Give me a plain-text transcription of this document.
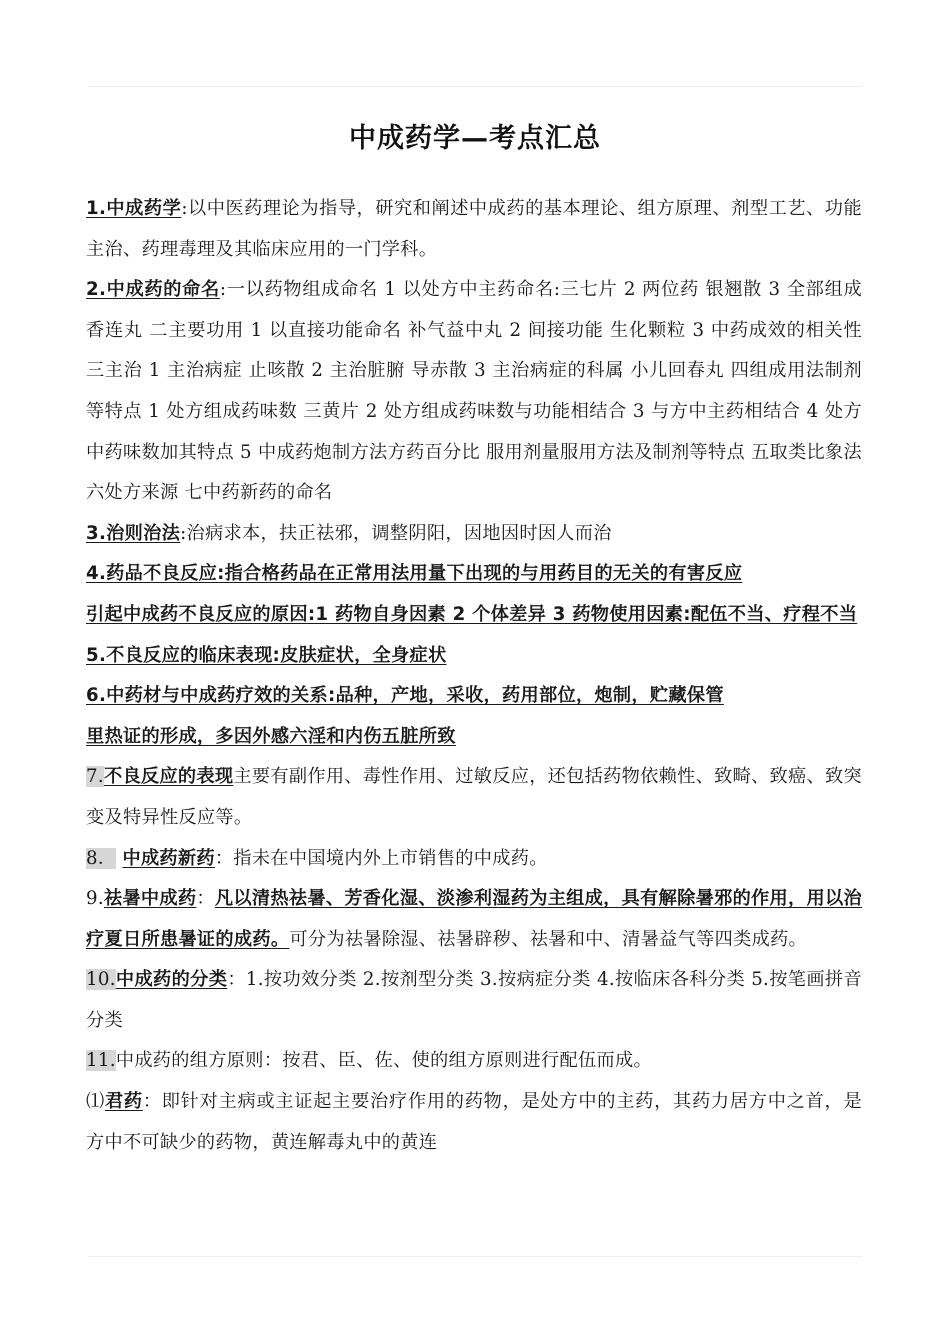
中成药学—考点汇总

1.中成药学:以中医药理论为指导，研究和阐述中成药的基本理论、组方原理、剂型工艺、功能主治、药理毒理及其临床应用的一门学科。

2.中成药的命名:一以药物组成命名 1 以处方中主药命名:三七片 2 两位药 银翘散 3 全部组成 香连丸 二主要功用 1 以直接功能命名 补气益中丸 2 间接功能 生化颗粒 3 中药成效的相关性 三主治 1 主治病症 止咳散 2 主治脏腑 导赤散 3 主治病症的科属 小儿回春丸 四组成用法制剂等特点 1 处方组成药味数 三黄片 2 处方组成药味数与功能相结合 3 与方中主药相结合 4 处方中药味数加其特点 5 中成药炮制方法方药百分比 服用剂量服用方法及制剂等特点 五取类比象法 六处方来源 七中药新药的命名

3.治则治法:治病求本，扶正祛邪，调整阴阳，因地因时因人而治

4.药品不良反应:指合格药品在正常用法用量下出现的与用药目的无关的有害反应

引起中成药不良反应的原因:1 药物自身因素 2 个体差异 3 药物使用因素:配伍不当、疗程不当

5.不良反应的临床表现:皮肤症状，全身症状

6.中药材与中成药疗效的关系:品种，产地，采收，药用部位，炮制，贮藏保管

里热证的形成，多因外感六淫和内伤五脏所致

7.不良反应的表现主要有副作用、毒性作用、过敏反应，还包括药物依赖性、致畸、致癌、致突变及特异性反应等。

8． 中成药新药：指未在中国境内外上市销售的中成药。

9.祛暑中成药：凡以清热祛暑、芳香化湿、淡渗利湿药为主组成，具有解除暑邪的作用，用以治疗夏日所患暑证的成药。可分为祛暑除湿、祛暑辟秽、祛暑和中、清暑益气等四类成药。

10.中成药的分类：1.按功效分类 2.按剂型分类 3.按病症分类 4.按临床各科分类 5.按笔画拼音分类

11.中成药的组方原则：按君、臣、佐、使的组方原则进行配伍而成。

⑴君药：即针对主病或主证起主要治疗作用的药物，是处方中的主药，其药力居方中之首，是方中不可缺少的药物，黄连解毒丸中的黄连
